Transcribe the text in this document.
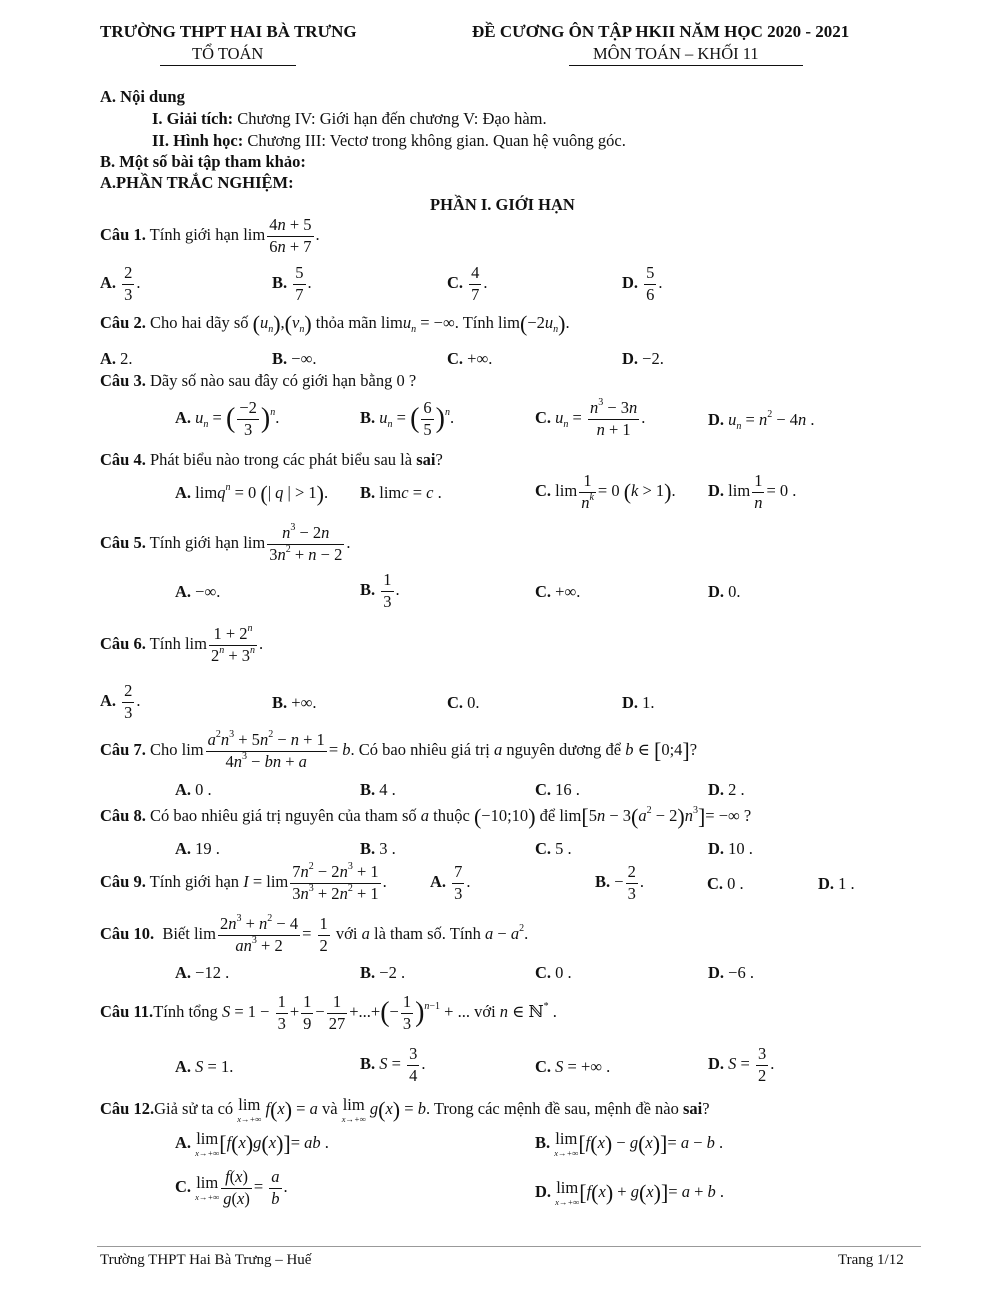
TRƯỜNG THPT HAI BÀ TRƯNG
TỔ TOÁN
ĐỀ CƯƠNG ÔN TẬP HKII NĂM HỌC 2020 - 2021
MÔN TOÁN – KHỐI 11
A. Nội dung
I. Giải tích: Chương IV: Giới hạn đến chương V: Đạo hàm.
II. Hình học: Chương III: Vectơ trong không gian. Quan hệ vuông góc.
B. Một số bài tập tham khảo:
A.PHẦN TRẮC NGHIỆM:
PHẦN I. GIỚI HẠN
Câu 1. Tính giới hạn $\lim \frac{4n + 5}{6n + 7}$ .
A. $\frac{2}{3}$ .	B. $\frac{5}{7}$ .	C. $\frac{4}{7}$ .	D. $\frac{5}{6}$ .
Câu 2. Cho hai dãy số $(u_n),(v_n)$ thỏa mãn limu$_n$ = −∞. Tính $\lim(-2u_n)$.
A. 2.	B. −∞.	C. +∞.	D. −2.
Câu 3. Dãy số nào sau đây có giới hạn bằng 0 ?
A. $u_n$ = ( $\frac{-2}{3} )^n$.	B. $u_n$ = ( $\frac{6}{5} )^n$.	C. $u_n = \frac{n^3 - 3n}{n + 1}$ .	D. $u_n = n^2 - 4n$ .
Câu 4. Phát biểu nào trong các phát biểu sau là sai?
A. limq$^n$ = 0 (| q | > 1). B. limc = c .	C. $\lim \frac{1}{n^k} = 0$ (k > 1). D. $\lim \frac{1}{n} = 0$ .
Câu 5. Tính giới hạn $\lim \frac{n^3 - 2n}{3n^2 + n - 2}$ .
A. −∞.	B. $\frac{1}{3}$ .	C. +∞.	D. 0.
Câu 6. Tính $\lim \frac{1 + 2^n}{2^n + 3^n}$ .
A. $\frac{2}{3}$ .	B. +∞.	C. 0.	D. 1.
Câu 7. Cho $\lim \frac{a^2n^3 + 5n^2 - n + 1}{4n^3 - bn + a} = b$. Có bao nhiêu giá trị a nguyên dương để b ∈ [0;4]?
A. 0 .	B. 4 .	C. 16 .	D. 2 .
Câu 8. Có bao nhiêu giá trị nguyên của tham số a thuộc (−10;10) để $\lim[5n - 3(a^2 - 2)n^3]=$ −∞ ?
A. 19 .	B. 3 .	C. 5 .	D. 10 .
Câu 9. Tính giới hạn $I = \lim \frac{7n^2 - 2n^3 + 1}{3n^3 + 2n^2 + 1}$ .	A. $\frac{7}{3}$ .	B. − $\frac{2}{3}$ .	C. 0 .	D. 1 .
Câu 10. Biết $\lim \frac{2n^3 + n^2 - 4}{an^3 + 2} = \frac{1}{2}$ với a là tham số. Tính $a - a^2$.
A. −12 .	B. −2 .	C. 0 .	D. −6 .
Câu 11.Tính tổng $S = 1 - \frac{1}{3} + \frac{1}{9} - \frac{1}{27}$ +...+(− $\frac{1}{3} )^{n-1}$ + ... với n ∈ ℕ* .
A. S = 1.	B. $S = \frac{3}{4}$ .	C. S = +∞ .	D. $S = \frac{3}{2}$ .
Câu 12.Giả sử ta có lim
x→+∞
f(x) = a và lim
x→+∞
g(x) = b. Trong các mệnh đề sau, mệnh đề nào sai?
A. lim
x→+∞ [f(x)g(x)]= ab .	B. lim
x→+∞ [f(x) − g(x)]= a − b .
C. lim
$x\to+\infty \frac{f(x)}{g(x)} = \frac{a}{b}$ .	D. lim
x→+∞ [f(x) + g(x)]= a + b .
Trường THPT Hai Bà Trưng – Huế	Trang 1/12
